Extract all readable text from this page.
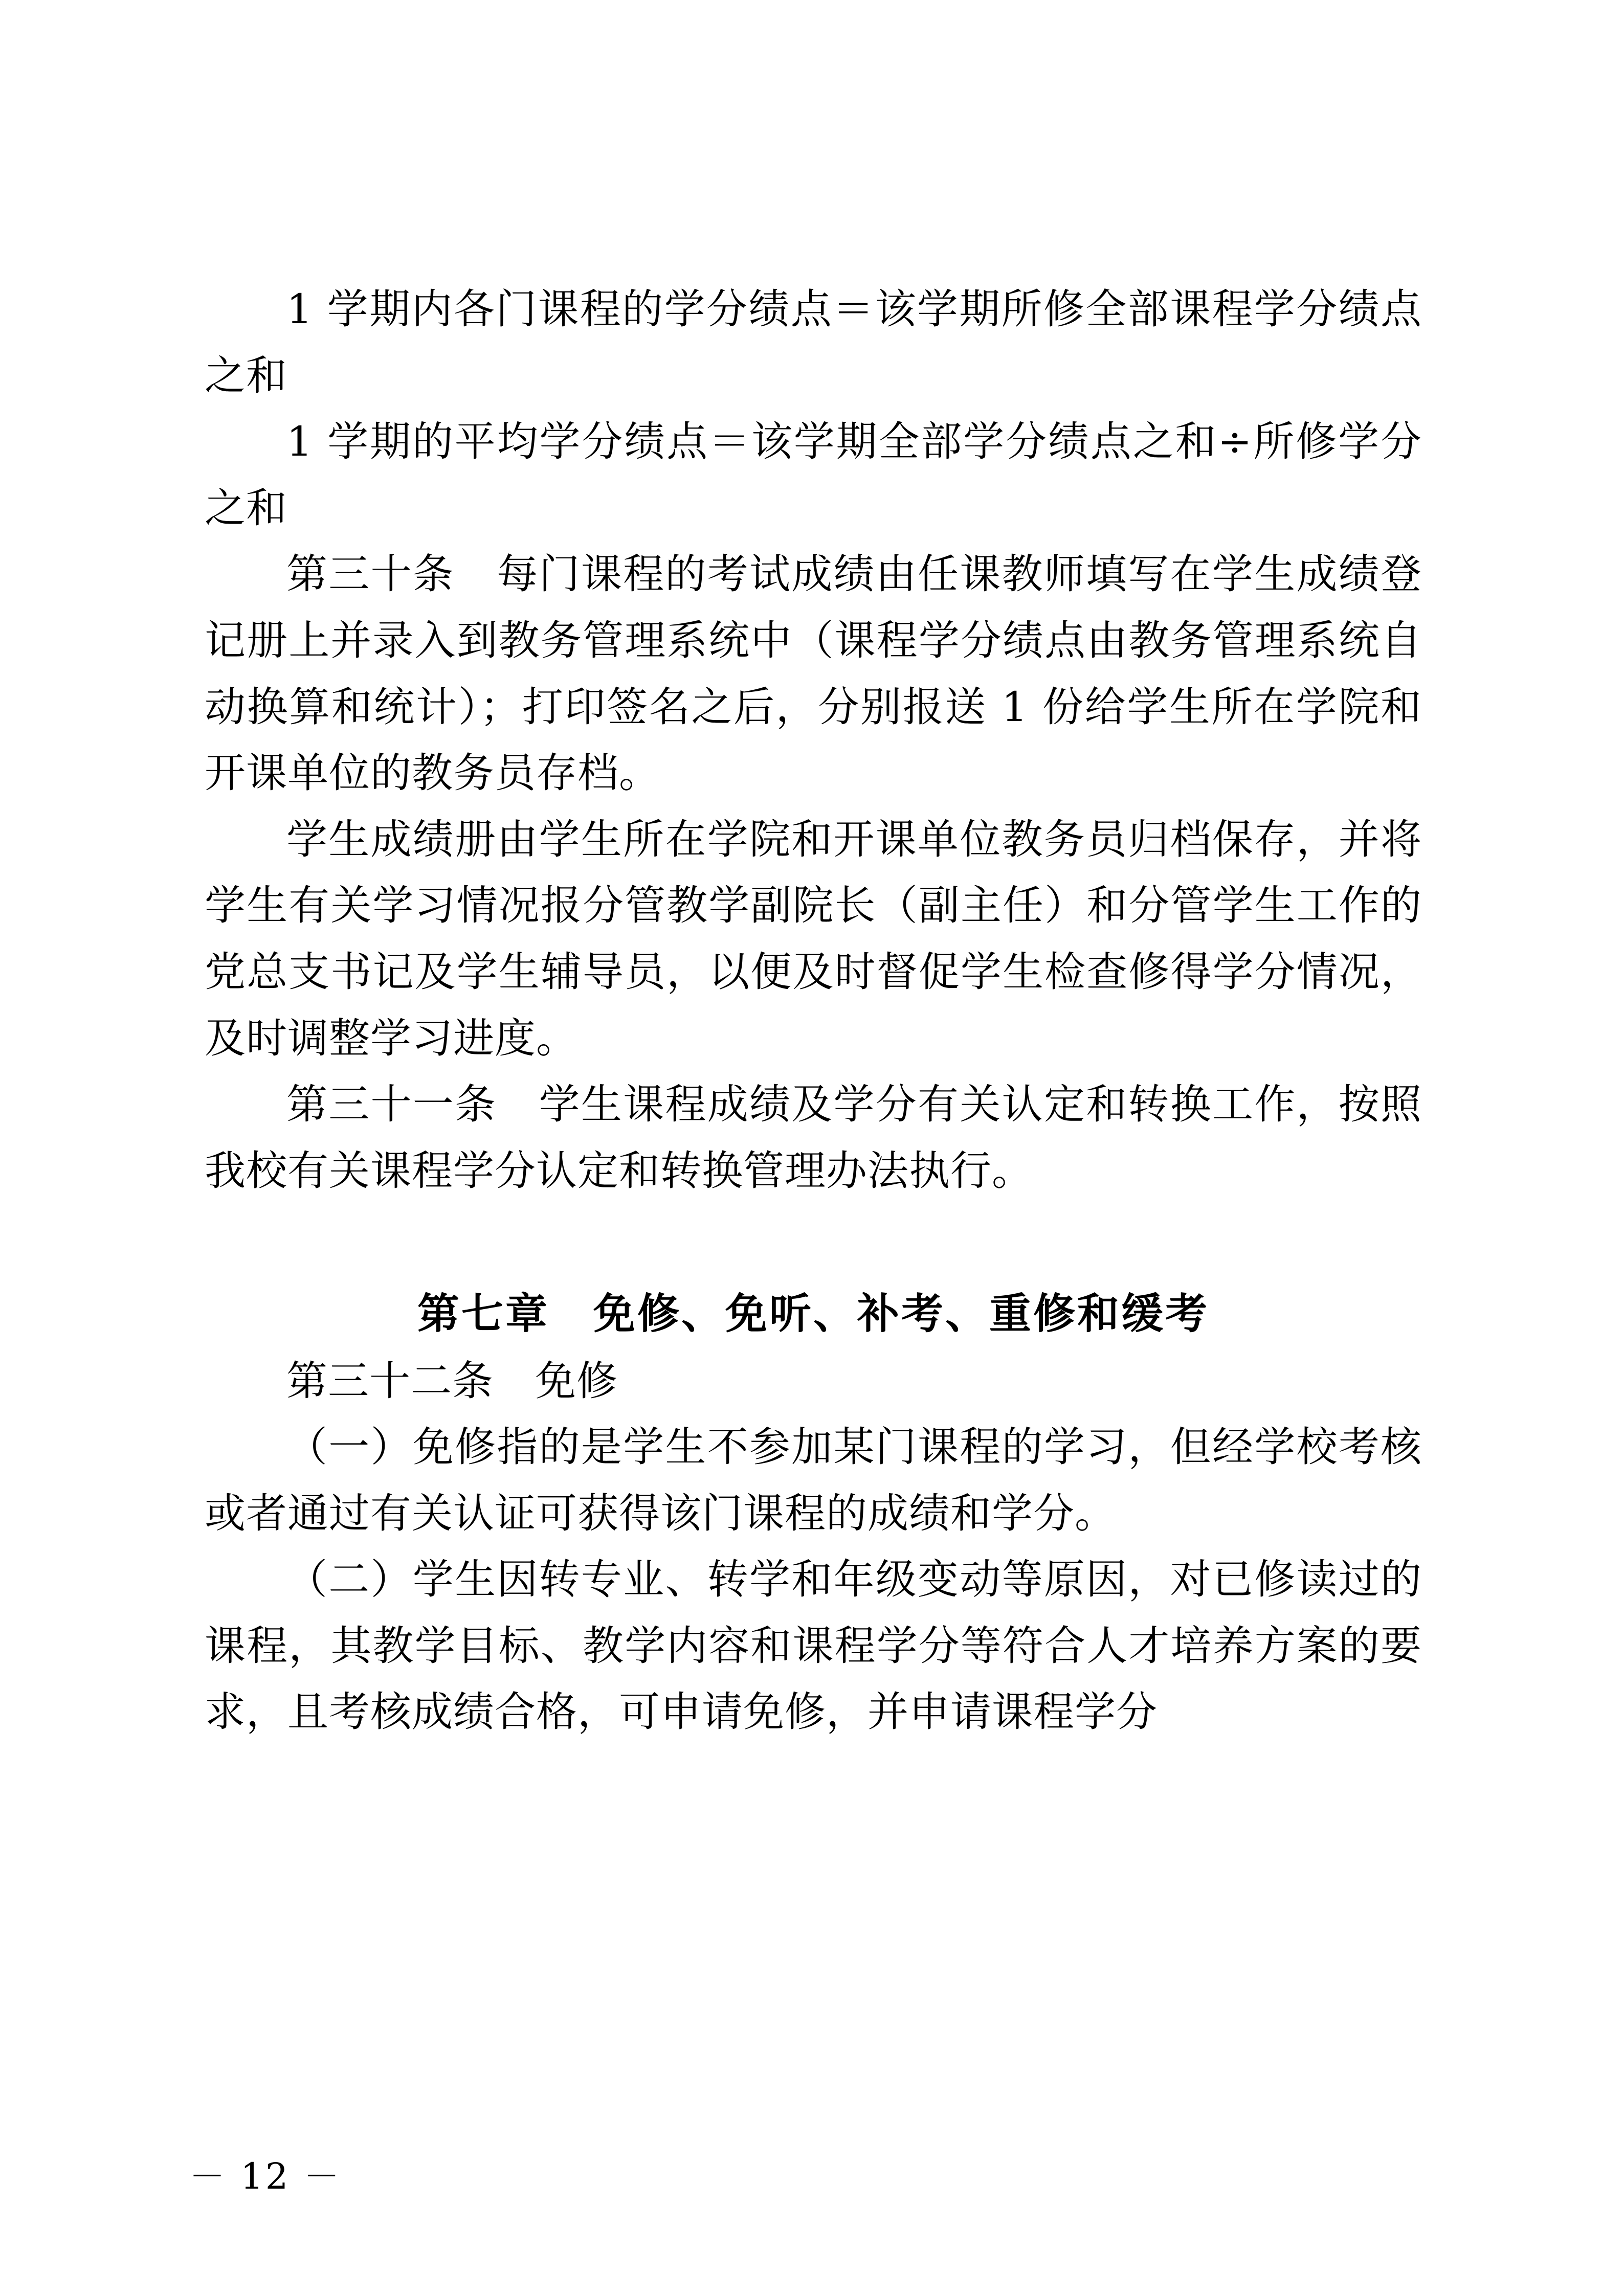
1 学期内各门课程的学分绩点＝该学期所修全部课程学分绩点之和

1 学期的平均学分绩点＝该学期全部学分绩点之和÷所修学分之和

第三十条　每门课程的考试成绩由任课教师填写在学生成绩登记册上并录入到教务管理系统中（课程学分绩点由教务管理系统自动换算和统计）；打印签名之后，分别报送 1 份给学生所在学院和开课单位的教务员存档。

学生成绩册由学生所在学院和开课单位教务员归档保存，并将学生有关学习情况报分管教学副院长（副主任）和分管学生工作的党总支书记及学生辅导员，以便及时督促学生检查修得学分情况，及时调整学习进度。

第三十一条　学生课程成绩及学分有关认定和转换工作，按照我校有关课程学分认定和转换管理办法执行。

第七章　免修、免听、补考、重修和缓考

第三十二条　免修

（一）免修指的是学生不参加某门课程的学习，但经学校考核或者通过有关认证可获得该门课程的成绩和学分。

（二）学生因转专业、转学和年级变动等原因，对已修读过的课程，其教学目标、教学内容和课程学分等符合人才培养方案的要求，且考核成绩合格，可申请免修，并申请课程学分

－ 12 －
